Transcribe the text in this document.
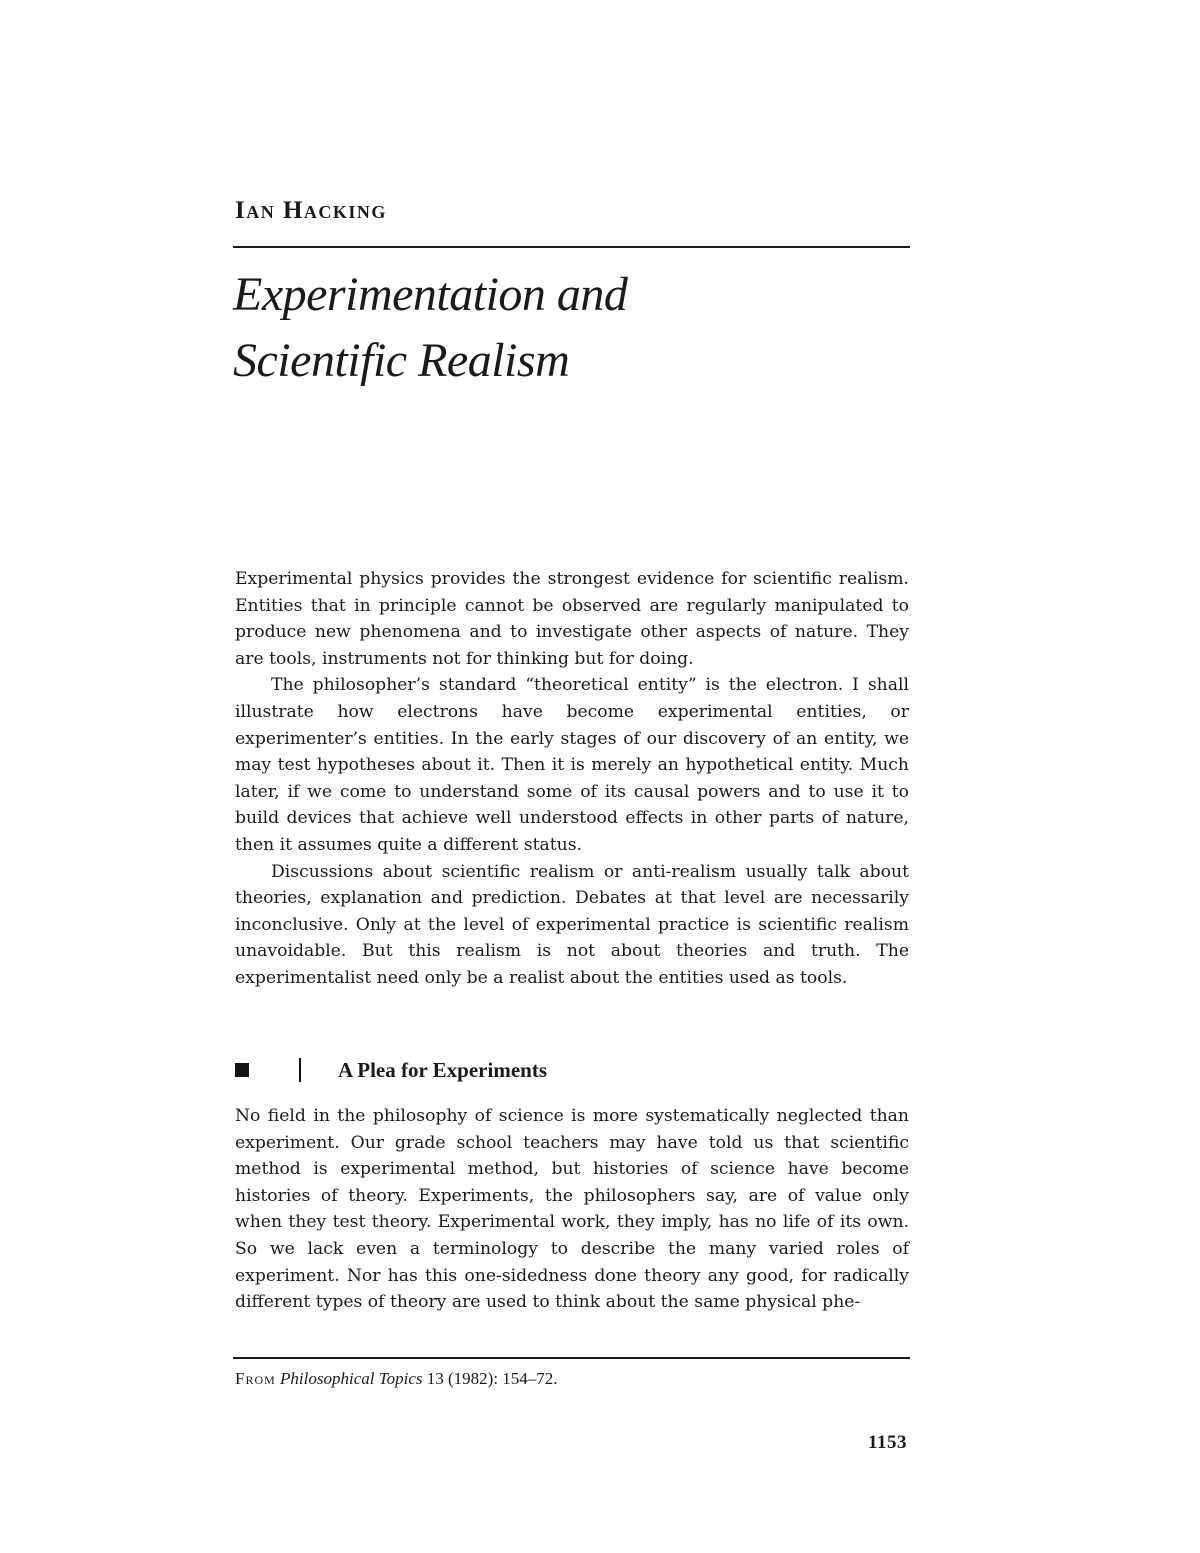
Ian Hacking
Experimentation and
Scientific Realism

Experimental physics provides the strongest evidence for scientific realism. Entities that in principle cannot be observed are regularly manipulated to produce new phenomena and to investigate other aspects of nature. They are tools, instruments not for thinking but for doing.

The philosopher’s standard “theoretical entity” is the electron. I shall illustrate how electrons have become experimental entities, or experimenter’s entities. In the early stages of our discovery of an entity, we may test hypotheses about it. Then it is merely an hypothetical entity. Much later, if we come to understand some of its causal powers and to use it to build devices that achieve well understood effects in other parts of nature, then it assumes quite a different status.

Discussions about scientific realism or anti-realism usually talk about theories, explanation and prediction. Debates at that level are necessarily inconclusive. Only at the level of experimental practice is scientific realism unavoidable. But this realism is not about theories and truth. The experimentalist need only be a realist about the entities used as tools.

A Plea for Experiments

No field in the philosophy of science is more systematically neglected than experiment. Our grade school teachers may have told us that scientific method is experimental method, but histories of science have become histories of theory. Experiments, the philosophers say, are of value only when they test theory. Experimental work, they imply, has no life of its own. So we lack even a terminology to describe the many varied roles of experiment. Nor has this one-sidedness done theory any good, for radically different types of theory are used to think about the same physical phe-

From Philosophical Topics 13 (1982): 154–72.

1153
